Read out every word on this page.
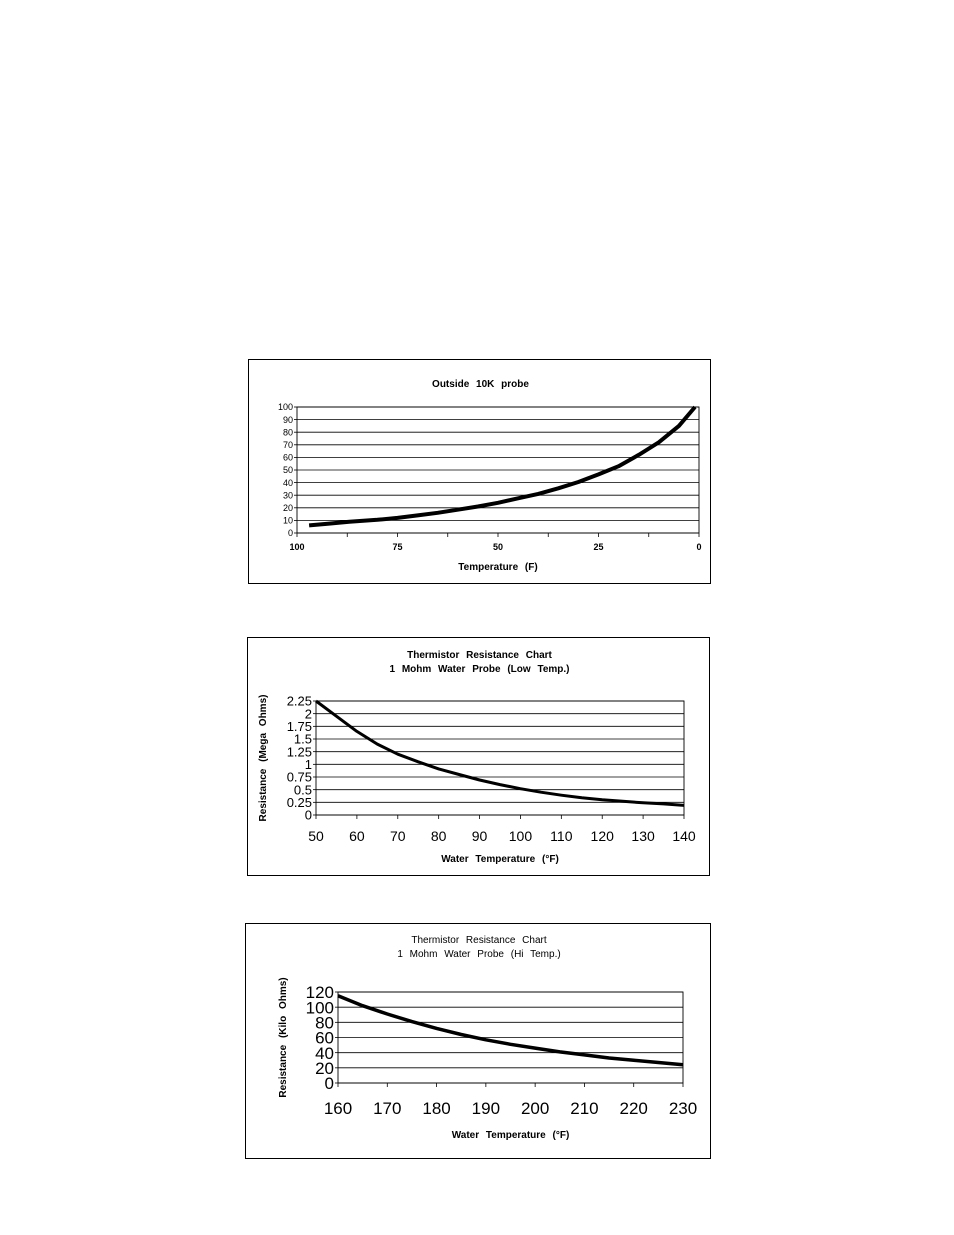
Outside 10K probe
0
10
20
30
40
50
60
70
80
90
100
100	75	50	25	0
Temperature (F)
Thermistor Resistance Chart
1 Mohm Water Probe (Low Temp.)
0
0.25
0.5
0.75
1
1.25
1.5
1.75
2
2.25
50 60 70 80 90 100 110 120 130 140
Water Temperature (°F)
Resistance (Mega Ohms)
Thermistor Resistance Chart
1 Mohm Water Probe (Hi Temp.)
0
20
40
60
80
100
120
160 170 180 190 200 210 220 230
Water Temperature (°F)
Resistance (Kilo Ohms)
